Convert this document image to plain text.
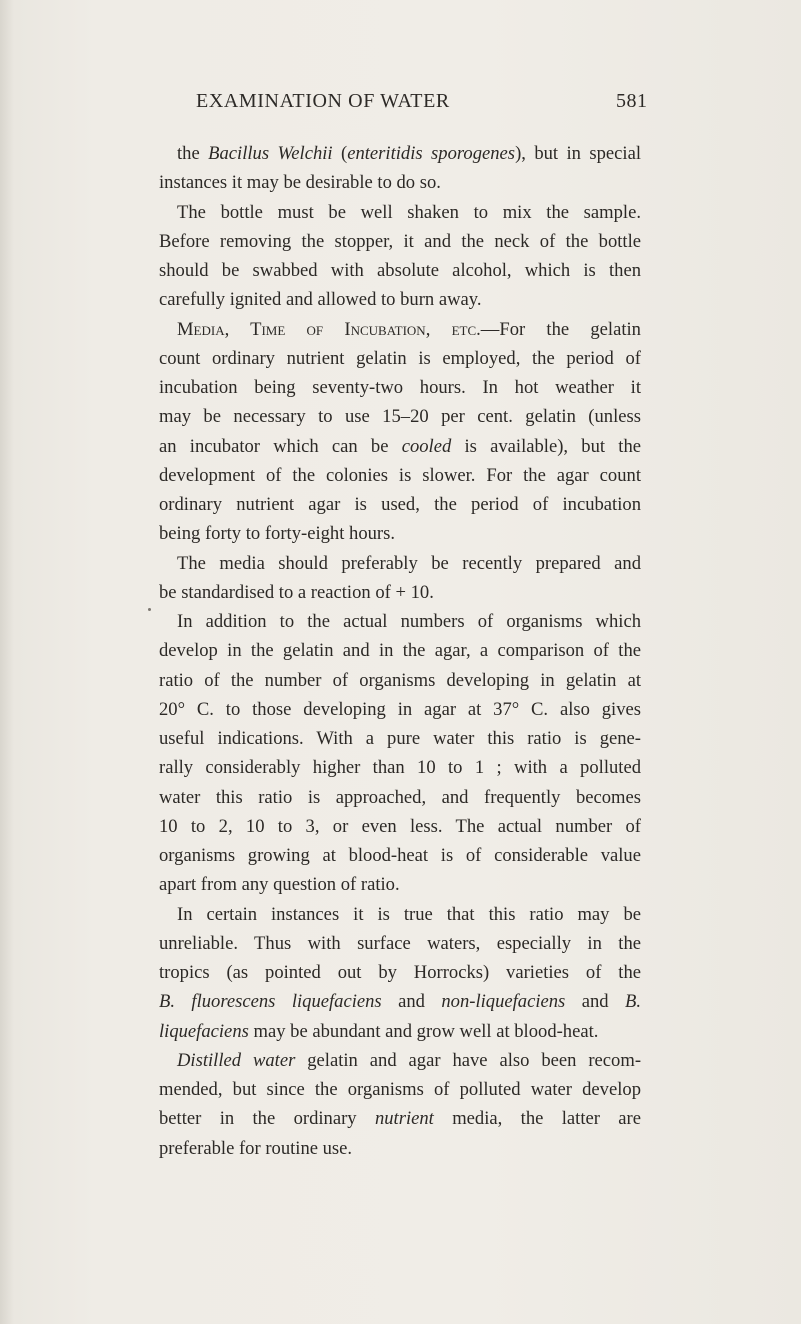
EXAMINATION OF WATER	581
the Bacillus Welchii (enteritidis sporogenes), but in special
instances it may be desirable to do so.
The bottle must be well shaken to mix the sample.
Before removing the stopper, it and the neck of the bottle
should be swabbed with absolute alcohol, which is then
carefully ignited and allowed to burn away.
Media, Time of Incubation, etc.—For the gelatin
count ordinary nutrient gelatin is employed, the period of
incubation being seventy-two hours. In hot weather it
may be necessary to use 15–20 per cent. gelatin (unless
an incubator which can be cooled is available), but the
development of the colonies is slower. For the agar count
ordinary nutrient agar is used, the period of incubation
being forty to forty-eight hours.
The media should preferably be recently prepared and
be standardised to a reaction of + 10.
In addition to the actual numbers of organisms which
develop in the gelatin and in the agar, a comparison of the
ratio of the number of organisms developing in gelatin at
20° C. to those developing in agar at 37° C. also gives
useful indications. With a pure water this ratio is gene-
rally considerably higher than 10 to 1 ; with a polluted
water this ratio is approached, and frequently becomes
10 to 2, 10 to 3, or even less. The actual number of
organisms growing at blood-heat is of considerable value
apart from any question of ratio.
In certain instances it is true that this ratio may be
unreliable. Thus with surface waters, especially in the
tropics (as pointed out by Horrocks) varieties of the
B. fluorescens liquefaciens and non-liquefaciens and B.
liquefaciens may be abundant and grow well at blood-heat.
Distilled water gelatin and agar have also been recom-
mended, but since the organisms of polluted water develop
better in the ordinary nutrient media, the latter are
preferable for routine use.
